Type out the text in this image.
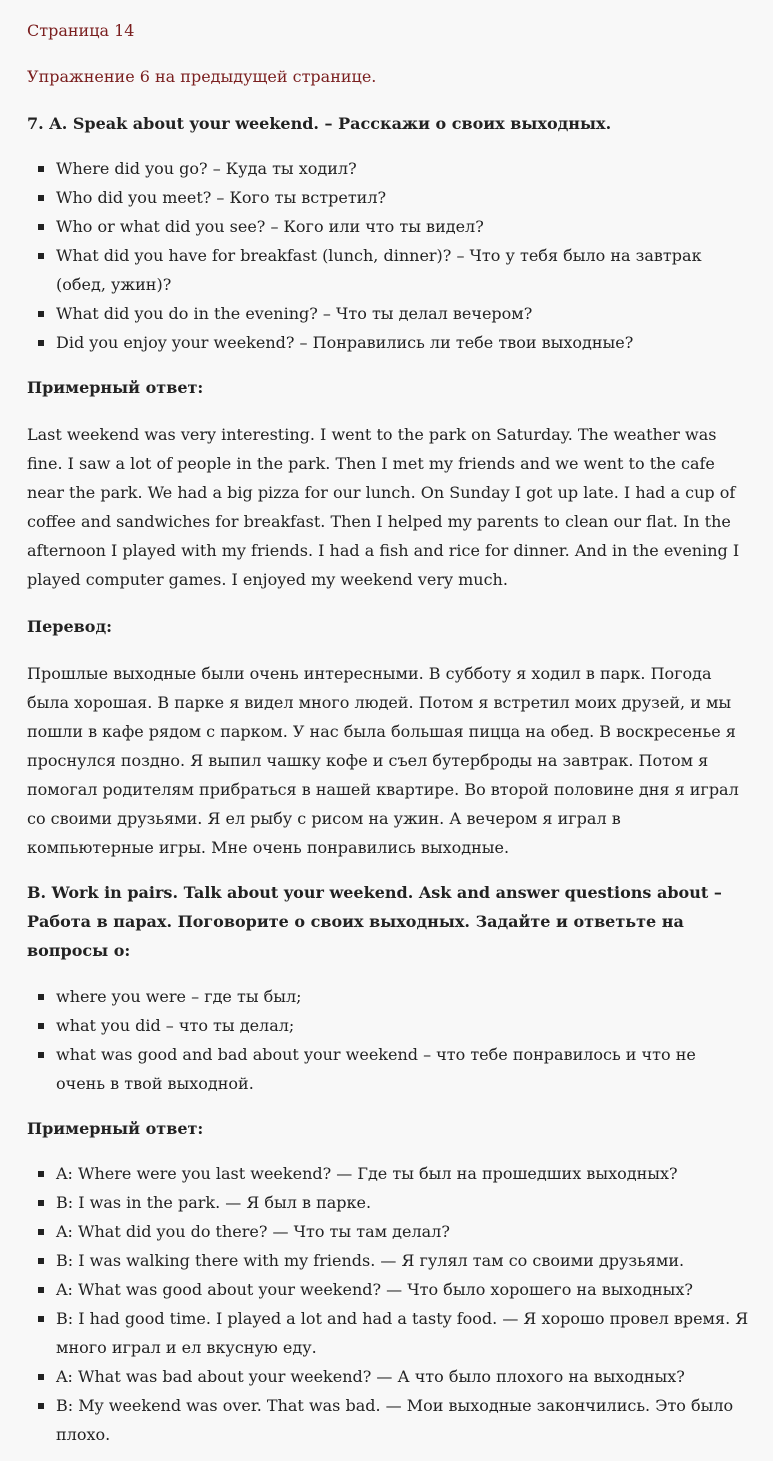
Страница 14

Упражнение 6 на предыдущей странице.

7. A. Speak about your weekend. – Расскажи о своих выходных.
Where did you go? – Куда ты ходил?
Who did you meet? – Кого ты встретил?
Who or what did you see? – Кого или что ты видел?
What did you have for breakfast (lunch, dinner)? – Что у тебя было на завтрак (обед, ужин)?
What did you do in the evening? – Что ты делал вечером?
Did you enjoy your weekend? – Понравились ли тебе твои выходные?
Примерный ответ:

Last weekend was very interesting. I went to the park on Saturday. The weather was fine. I saw a lot of people in the park. Then I met my friends and we went to the cafe near the park. We had a big pizza for our lunch. On Sunday I got up late. I had a cup of coffee and sandwiches for breakfast. Then I helped my parents to clean our flat. In the afternoon I played with my friends. I had a fish and rice for dinner. And in the evening I played computer games. I enjoyed my weekend very much.

Перевод:

Прошлые выходные были очень интересными. В субботу я ходил в парк. Погода была хорошая. В парке я видел много людей. Потом я встретил моих друзей, и мы пошли в кафе рядом с парком. У нас была большая пицца на обед. В воскресенье я проснулся поздно. Я выпил чашку кофе и съел бутерброды на завтрак. Потом я помогал родителям прибраться в нашей квартире. Во второй половине дня я играл со своими друзьями. Я ел рыбу с рисом на ужин. А вечером я играл в компьютерные игры. Мне очень понравились выходные.

B. Work in pairs. Talk about your weekend. Ask and answer questions about – Работа в парах. Поговорите о своих выходных. Задайте и ответьте на вопросы о:
where you were – где ты был;
what you did – что ты делал;
what was good and bad about your weekend – что тебе понравилось и что не очень в твой выходной.
Примерный ответ:
A: Where were you last weekend? — Где ты был на прошедших выходных?
B: I was in the park. — Я был в парке.
A: What did you do there? — Что ты там делал?
B: I was walking there with my friends. — Я гулял там со своими друзьями.
A: What was good about your weekend? — Что было хорошего на выходных?
B: I had good time. I played a lot and had a tasty food. — Я хорошо провел время. Я много играл и ел вкусную еду.
A: What was bad about your weekend? — А что было плохого на выходных?
B: My weekend was over. That was bad. — Мои выходные закончились. Это было плохо.
